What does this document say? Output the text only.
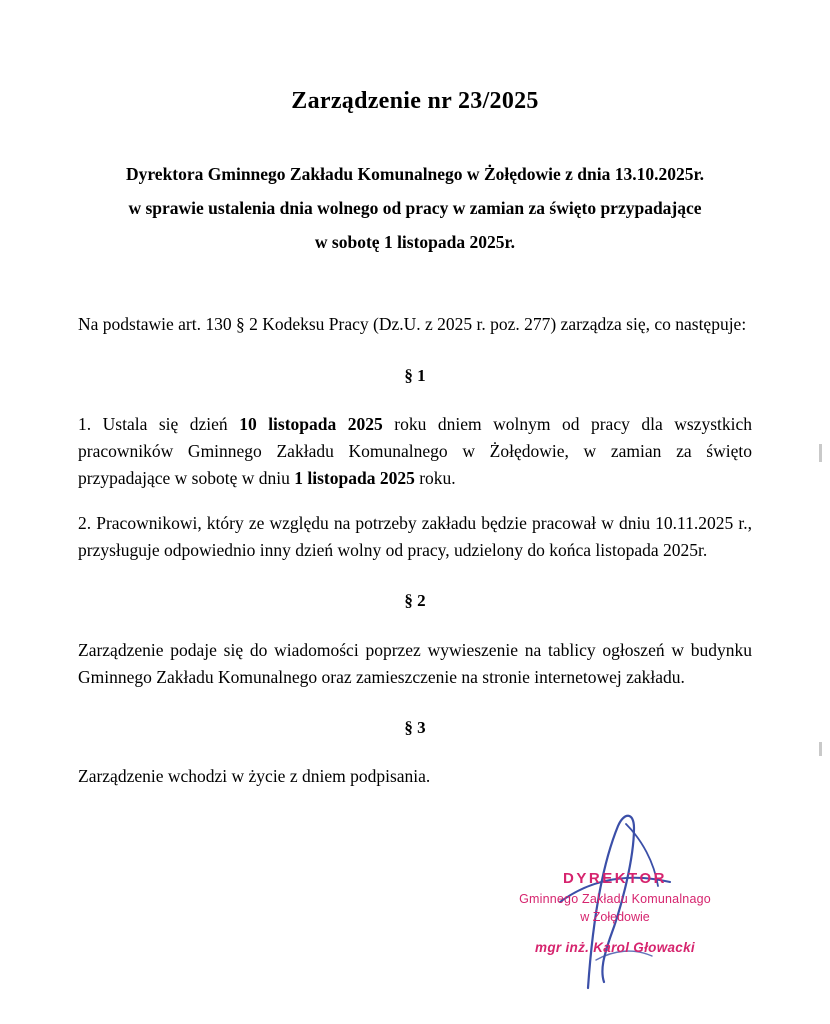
Zarządzenie nr 23/2025
Dyrektora Gminnego Zakładu Komunalnego w Żołędowie z dnia 13.10.2025r.
w sprawie ustalenia dnia wolnego od pracy w zamian za święto przypadające
w sobotę 1 listopada 2025r.

Na podstawie art. 130 § 2 Kodeksu Pracy (Dz.U. z 2025 r. poz. 277) zarządza się, co następuje:

§ 1

1. Ustala się dzień 10 listopada 2025 roku dniem wolnym od pracy dla wszystkich pracowników Gminnego Zakładu Komunalnego w Żołędowie, w zamian za święto przypadające w sobotę w dniu 1 listopada 2025 roku.

2. Pracownikowi, który ze względu na potrzeby zakładu będzie pracował w dniu 10.11.2025 r., przysługuje odpowiednio inny dzień wolny od pracy, udzielony do końca listopada 2025r.

§ 2

Zarządzenie podaje się do wiadomości poprzez wywieszenie na tablicy ogłoszeń w budynku Gminnego Zakładu Komunalnego oraz zamieszczenie na stronie internetowej zakładu.

§ 3

Zarządzenie wchodzi w życie z dniem podpisania.

DYREKTOR
Gminnego Zakładu Komunalnago
w Żołędowie
mgr inż. Karol Głowacki
